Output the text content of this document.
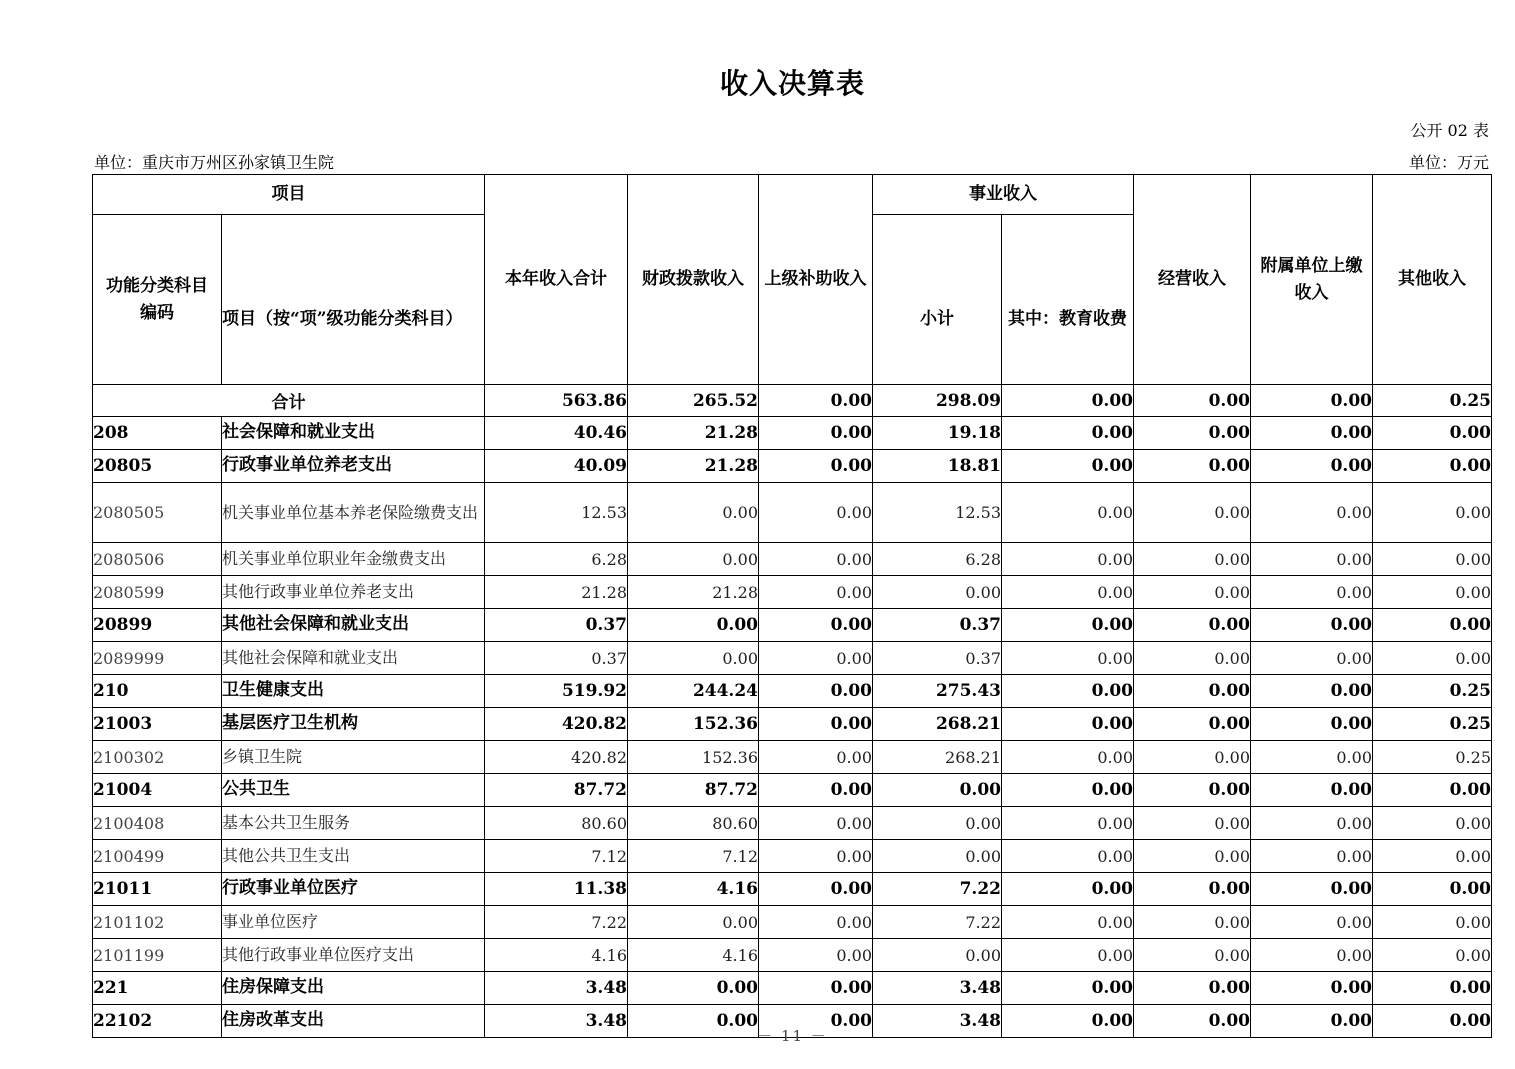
收入决算表
公开 02 表
单位：重庆市万州区孙家镇卫生院	单位：万元
项目		本年收入合计	财政拨款收入	上级补助收入	事业收入		经营收入	附属单位上缴收入	其他收入
功能分类科目编码	项目（按“项”级功能分类科目）				小计	其中：教育收费			
合计		563.86	265.52	0.00	298.09	0.00	0.00	0.00	0.25
208	社会保障和就业支出	40.46	21.28	0.00	19.18	0.00	0.00	0.00	0.00
20805	行政事业单位养老支出	40.09	21.28	0.00	18.81	0.00	0.00	0.00	0.00
2080505	机关事业单位基本养老保险缴费支出	12.53	0.00	0.00	12.53	0.00	0.00	0.00	0.00
2080506	机关事业单位职业年金缴费支出	6.28	0.00	0.00	6.28	0.00	0.00	0.00	0.00
2080599	其他行政事业单位养老支出	21.28	21.28	0.00	0.00	0.00	0.00	0.00	0.00
20899	其他社会保障和就业支出	0.37	0.00	0.00	0.37	0.00	0.00	0.00	0.00
2089999	其他社会保障和就业支出	0.37	0.00	0.00	0.37	0.00	0.00	0.00	0.00
210	卫生健康支出	519.92	244.24	0.00	275.43	0.00	0.00	0.00	0.25
21003	基层医疗卫生机构	420.82	152.36	0.00	268.21	0.00	0.00	0.00	0.25
2100302	乡镇卫生院	420.82	152.36	0.00	268.21	0.00	0.00	0.00	0.25
21004	公共卫生	87.72	87.72	0.00	0.00	0.00	0.00	0.00	0.00
2100408	基本公共卫生服务	80.60	80.60	0.00	0.00	0.00	0.00	0.00	0.00
2100499	其他公共卫生支出	7.12	7.12	0.00	0.00	0.00	0.00	0.00	0.00
21011	行政事业单位医疗	11.38	4.16	0.00	7.22	0.00	0.00	0.00	0.00
2101102	事业单位医疗	7.22	0.00	0.00	7.22	0.00	0.00	0.00	0.00
2101199	其他行政事业单位医疗支出	4.16	4.16	0.00	0.00	0.00	0.00	0.00	0.00
221	住房保障支出	3.48	0.00	0.00	3.48	0.00	0.00	0.00	0.00
22102	住房改革支出	3.48	0.00	0.00	3.48	0.00	0.00	0.00	0.00
－ 11 －
